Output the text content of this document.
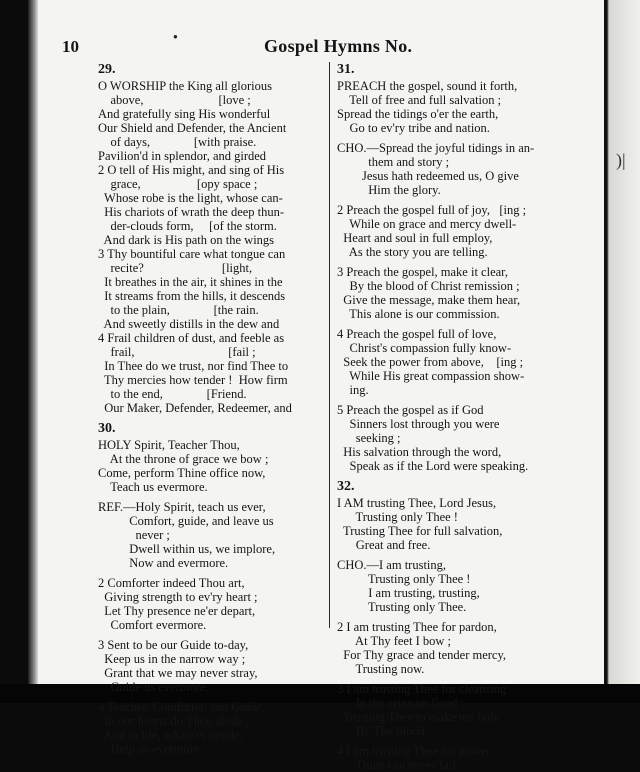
)|
10
●	Gospel Hymns No.
29.
O WORSHIP the King all glorious
above,                        [love ;
And gratefully sing His wonderful
Our Shield and Defender, the Ancient
of days,              [with praise.
Pavilion'd in splendor, and girded
2 O tell of His might, and sing of His
grace,                  [opy space ;
Whose robe is the light, whose can-
His chariots of wrath the deep thun-
der-clouds form,     [of the storm.
And dark is His path on the wings
3 Thy bountiful care what tongue can
recite?                         [light,
It breathes in the air, it shines in the
It streams from the hills, it descends
to the plain,              [the rain.
And sweetly distills in the dew and
4 Frail children of dust, and feeble as
frail,                              [fail ;
In Thee do we trust, nor find Thee to
Thy mercies how tender !  How firm
to the end,              [Friend.
Our Maker, Defender, Redeemer, and
30.
HOLY Spirit, Teacher Thou,
At the throne of grace we bow ;
Come, perform Thine office now,
Teach us evermore.
REF.—Holy Spirit, teach us ever,
Comfort, guide, and leave us
never ;
Dwell within us, we implore,
Now and evermore.
2 Comforter indeed Thou art,
Giving strength to ev'ry heart ;
Let Thy presence ne'er depart,
Comfort evermore.
3 Sent to be our Guide to-day,
Keep us in the narrow way ;
Grant that we may never stray,
Guide us evermore.
4 Teacher, Comforter, and Guide,
In our hearts do Thou abide ;
And in life, whate'er betide,
Help us evermore.
31.
PREACH the gospel, sound it forth,
Tell of free and full salvation ;
Spread the tidings o'er the earth,
Go to ev'ry tribe and nation.
CHO.—Spread the joyful tidings in an-
them and story ;
Jesus hath redeemed us, O give
Him the glory.
2 Preach the gospel full of joy,   [ing ;
While on grace and mercy dwell-
Heart and soul in full employ,
As the story you are telling.
3 Preach the gospel, make it clear,
By the blood of Christ remission ;
Give the message, make them hear,
This alone is our commission.
4 Preach the gospel full of love,
Christ's compassion fully know-
Seek the power from above,    [ing ;
While His great compassion show-
ing.
5 Preach the gospel as if God
Sinners lost through you were
seeking ;
His salvation through the word,
Speak as if the Lord were speaking.
32.
I AM trusting Thee, Lord Jesus,
Trusting only Thee !
Trusting Thee for full salvation,
Great and free.
CHO.—I am trusting,
Trusting only Thee !
I am trusting, trusting,
Trusting only Thee.
2 I am trusting Thee for pardon,
At Thy feet I bow ;
For Thy grace and tender mercy,
Trusting now.
3 I am trusting Thee for cleansing
In the crimson flood ;
Trusting Thee to make me holy
By Thy blood.
4 I am trusting Thee for power,
Thine can never fail ;
